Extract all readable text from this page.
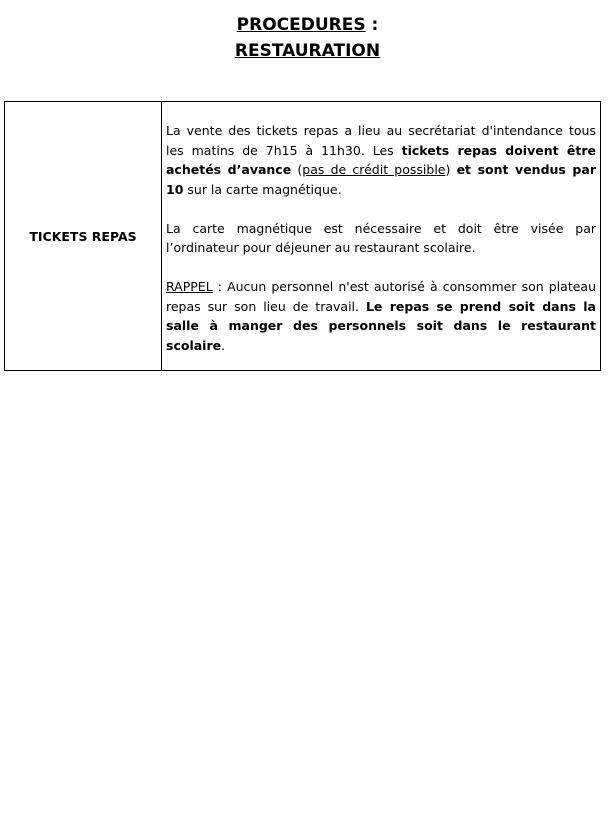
PROCEDURES :
RESTAURATION
TICKETS REPAS	

La vente des tickets repas a lieu au secrétariat d'intendance tous les matins de 7h15 à 11h30. Les tickets repas doivent être achetés d’avance (pas de crédit possible) et sont vendus par 10 sur la carte magnétique.

La carte magnétique est nécessaire et doit être visée par l’ordinateur pour déjeuner au restaurant scolaire.

RAPPEL : Aucun personnel n'est autorisé à consommer son plateau repas sur son lieu de travail. Le repas se prend soit dans la salle à manger des personnels soit dans le restaurant scolaire.
